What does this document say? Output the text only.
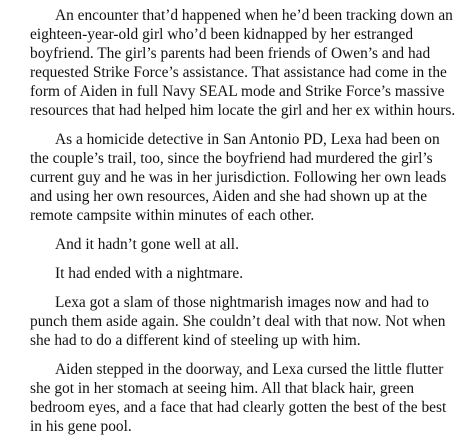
An encounter that’d happened when he’d been tracking down an eighteen-year-old girl who’d been kidnapped by her estranged boyfriend. The girl’s parents had been friends of Owen’s and had requested Strike Force’s assistance. That assistance had come in the form of Aiden in full Navy SEAL mode and Strike Force’s massive resources that had helped him locate the girl and her ex within hours.

As a homicide detective in San Antonio PD, Lexa had been on the couple’s trail, too, since the boyfriend had murdered the girl’s current guy and he was in her jurisdiction. Following her own leads and using her own resources, Aiden and she had shown up at the remote campsite within minutes of each other.

And it hadn’t gone well at all.

It had ended with a nightmare.

Lexa got a slam of those nightmarish images now and had to punch them aside again. She couldn’t deal with that now. Not when she had to do a different kind of steeling up with him.

Aiden stepped in the doorway, and Lexa cursed the little flutter she got in her stomach at seeing him. All that black hair, green bedroom eyes, and a face that had clearly gotten the best of the best in his gene pool.
